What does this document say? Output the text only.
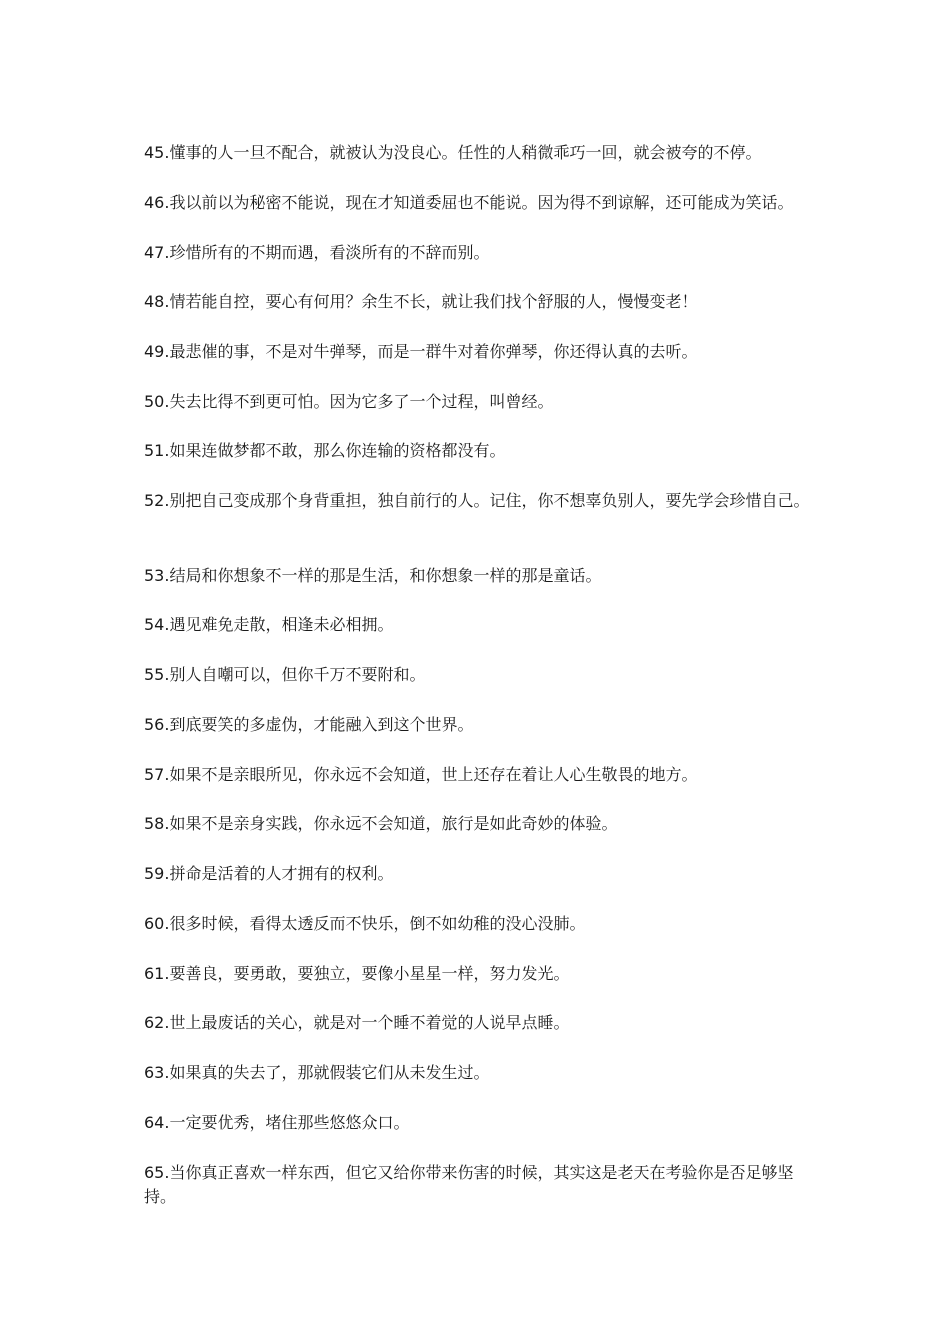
45.懂事的人一旦不配合，就被认为没良心。任性的人稍微乖巧一回，就会被夸的不停。

46.我以前以为秘密不能说，现在才知道委屈也不能说。因为得不到谅解，还可能成为笑话。

47.珍惜所有的不期而遇，看淡所有的不辞而别。

48.情若能自控，要心有何用？余生不长，就让我们找个舒服的人，慢慢变老！

49.最悲催的事，不是对牛弹琴，而是一群牛对着你弹琴，你还得认真的去听。

50.失去比得不到更可怕。因为它多了一个过程，叫曾经。

51.如果连做梦都不敢，那么你连输的资格都没有。

52.别把自己变成那个身背重担，独自前行的人。记住，你不想辜负别人，要先学会珍惜自己。

53.结局和你想象不一样的那是生活，和你想象一样的那是童话。

54.遇见难免走散，相逢未必相拥。

55.别人自嘲可以，但你千万不要附和。

56.到底要笑的多虚伪，才能融入到这个世界。

57.如果不是亲眼所见，你永远不会知道，世上还存在着让人心生敬畏的地方。

58.如果不是亲身实践，你永远不会知道，旅行是如此奇妙的体验。

59.拼命是活着的人才拥有的权利。

60.很多时候，看得太透反而不快乐，倒不如幼稚的没心没肺。

61.要善良，要勇敢，要独立，要像小星星一样，努力发光。

62.世上最废话的关心，就是对一个睡不着觉的人说早点睡。

63.如果真的失去了，那就假装它们从未发生过。

64.一定要优秀，堵住那些悠悠众口。

65.当你真正喜欢一样东西，但它又给你带来伤害的时候，其实这是老天在考验你是否足够坚持。
